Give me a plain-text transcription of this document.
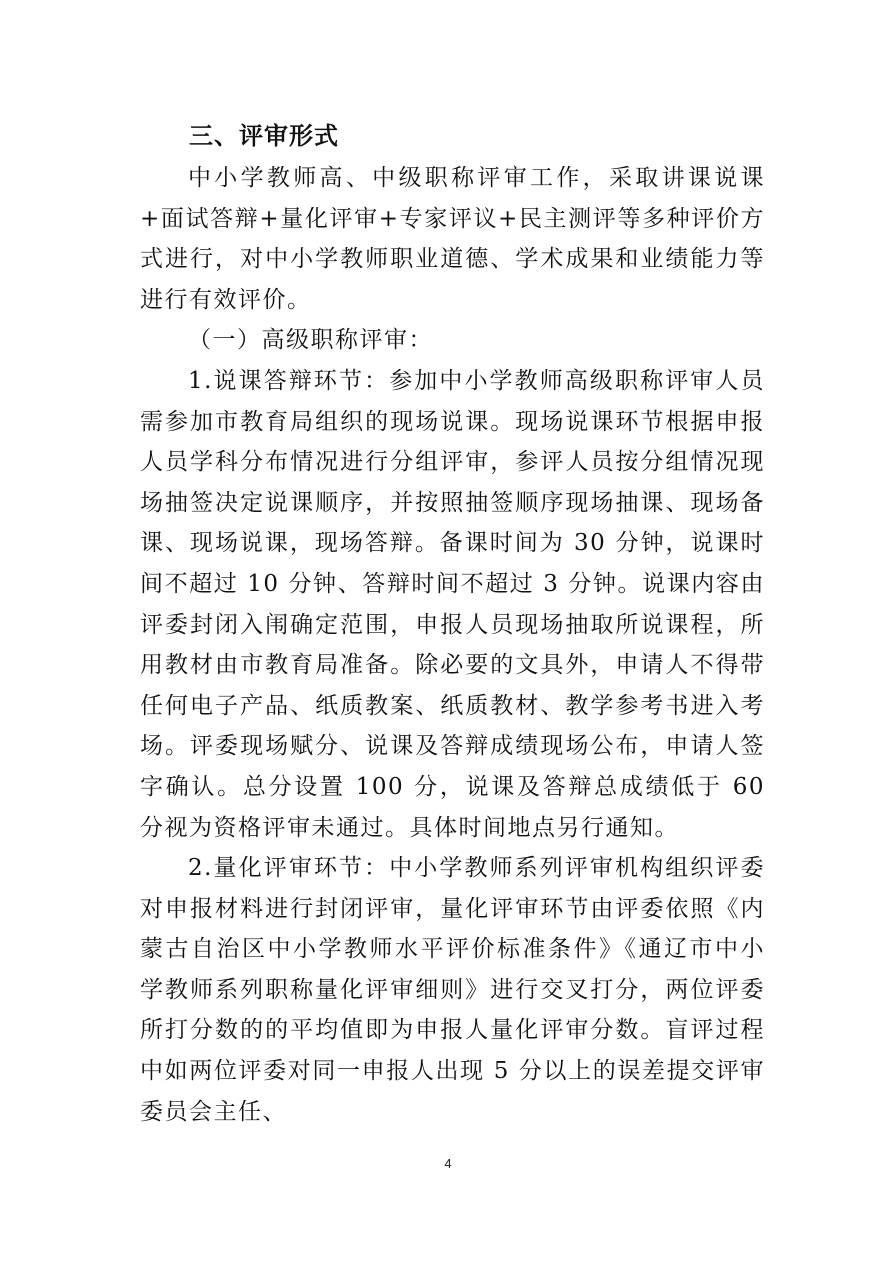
三、评审形式

中小学教师高、中级职称评审工作，采取讲课说课+面试答辩+量化评审+专家评议+民主测评等多种评价方式进行，对中小学教师职业道德、学术成果和业绩能力等进行有效评价。

（一）高级职称评审：

1.说课答辩环节：参加中小学教师高级职称评审人员需参加市教育局组织的现场说课。现场说课环节根据申报人员学科分布情况进行分组评审，参评人员按分组情况现场抽签决定说课顺序，并按照抽签顺序现场抽课、现场备课、现场说课，现场答辩。备课时间为 30 分钟，说课时间不超过 10 分钟、答辩时间不超过 3 分钟。说课内容由评委封闭入闱确定范围，申报人员现场抽取所说课程，所用教材由市教育局准备。除必要的文具外，申请人不得带任何电子产品、纸质教案、纸质教材、教学参考书进入考场。评委现场赋分、说课及答辩成绩现场公布，申请人签字确认。总分设置 100 分，说课及答辩总成绩低于 60 分视为资格评审未通过。具体时间地点另行通知。

2.量化评审环节：中小学教师系列评审机构组织评委对申报材料进行封闭评审，量化评审环节由评委依照《内蒙古自治区中小学教师水平评价标准条件》《通辽市中小学教师系列职称量化评审细则》进行交叉打分，两位评委所打分数的的平均值即为申报人量化评审分数。盲评过程中如两位评委对同一申报人出现 5 分以上的误差提交评审委员会主任、

4
